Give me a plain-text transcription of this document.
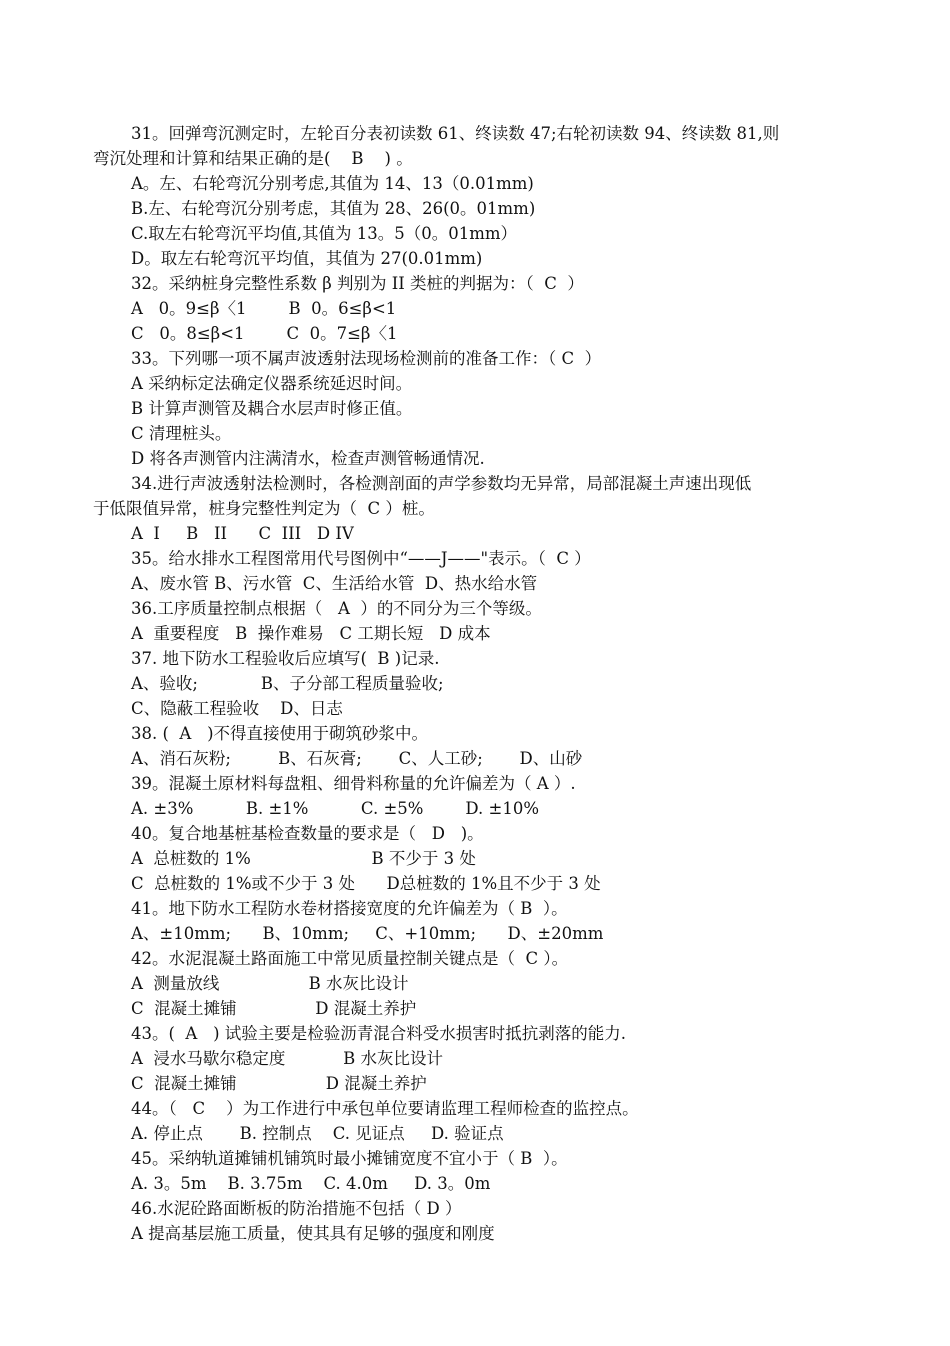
31。回弹弯沉测定时，左轮百分表初读数 61、终读数 47;右轮初读数 94、终读数 81,则
弯沉处理和计算和结果正确的是(    B    ) 。
A。左、右轮弯沉分别考虑,其值为 14、13（0.01mm)
B.左、右轮弯沉分别考虑，其值为 28、26(0。01mm)
C.取左右轮弯沉平均值,其值为 13。5（0。01mm）
D。取左右轮弯沉平均值，其值为 27(0.01mm)
32。采纳桩身完整性系数 β 判别为 II 类桩的判据为：（  C  ）
A   0。9≤β〈1        B  0。6≤β<1
C   0。8≤β<1        C  0。7≤β〈1
33。下列哪一项不属声波透射法现场检测前的准备工作：（ C  ）
A 采纳标定法确定仪器系统延迟时间。
B 计算声测管及耦合水层声时修正值。
C 清理桩头。
D 将各声测管内注满清水，检查声测管畅通情况.
34.进行声波透射法检测时，各检测剖面的声学参数均无异常，局部混凝土声速出现低
于低限值异常，桩身完整性判定为（  C ）桩。
A  I     B   II      C  III   D IV
35。给水排水工程图常用代号图例中“——J——"表示。（  C ）
A、废水管 B、污水管  C、生活给水管  D、热水给水管
36.工序质量控制点根据（   A  ）的不同分为三个等级。
A  重要程度   B  操作难易   C 工期长短   D 成本
37. 地下防水工程验收后应填写(  B )记录.
A、验收;            B、子分部工程质量验收;
C、隐蔽工程验收    D、日志
38. (  A   )不得直接使用于砌筑砂浆中。
A、消石灰粉;         B、石灰膏;       C、人工砂;       D、山砂
39。混凝土原材料每盘粗、细骨料称量的允许偏差为（ A ）.
A. ±3%          B. ±1%          C. ±5%        D. ±10%
40。复合地基桩基检查数量的要求是（   D   )。
A  总桩数的 1%                       B 不少于 3 处
C  总桩数的 1%或不少于 3 处      D总桩数的 1%且不少于 3 处
41。地下防水工程防水卷材搭接宽度的允许偏差为（ B  ）。
A、±10mm;      B、10mm;     C、+10mm;      D、±20mm
42。水泥混凝土路面施工中常见质量控制关键点是（  C ）。
A  测量放线                 B 水灰比设计
C  混凝土摊铺               D 混凝土养护
43。(  A   ) 试验主要是检验沥青混合料受水损害时抵抗剥落的能力.
A  浸水马歇尔稳定度           B 水灰比设计
C  混凝土摊铺                 D 混凝土养护
44。（   C    ）为工作进行中承包单位要请监理工程师检查的监控点。
A. 停止点       B. 控制点    C. 见证点     D. 验证点
45。采纳轨道摊铺机铺筑时最小摊铺宽度不宜小于（ B  ）。
A. 3。5m    B. 3.75m    C. 4.0m     D. 3。0m
46.水泥砼路面断板的防治措施不包括（ D ）
A 提高基层施工质量，使其具有足够的强度和刚度
